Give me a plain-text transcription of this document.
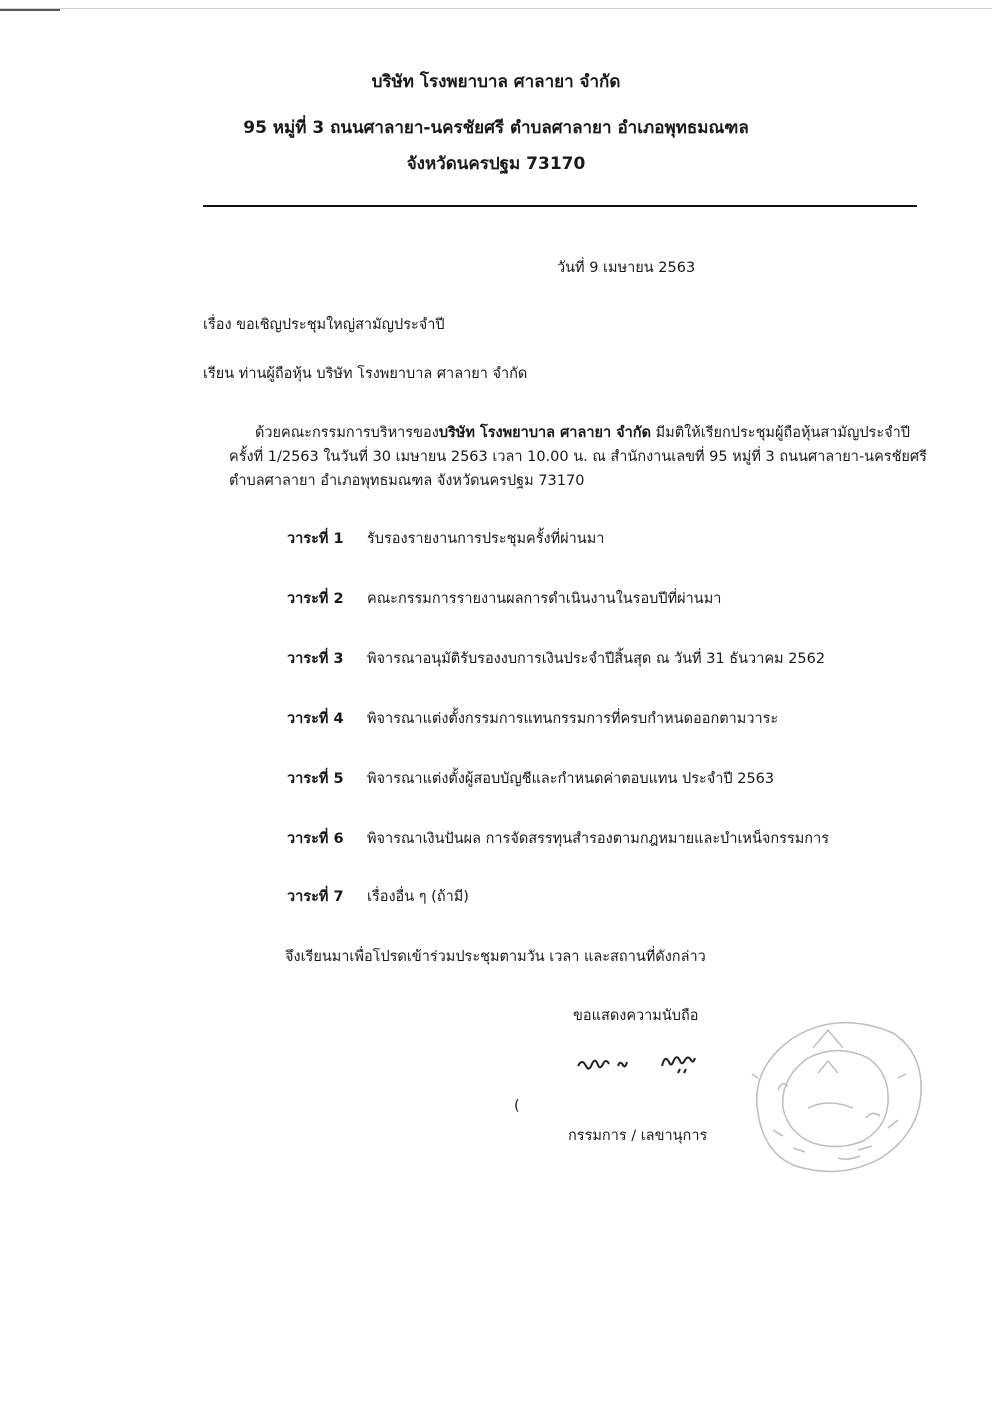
บริษัท โรงพยาบาล ศาลายา จำกัด
95 หมู่ที่ 3 ถนนศาลายา-นครชัยศรี ตำบลศาลายา อำเภอพุทธมณฑล
จังหวัดนครปฐม 73170
วันที่ 9 เมษายน 2563
เรื่อง ขอเชิญประชุมใหญ่สามัญประจำปี
เรียน ท่านผู้ถือหุ้น บริษัท โรงพยาบาล ศาลายา จำกัด
ด้วยคณะกรรมการบริหารของบริษัท โรงพยาบาล ศาลายา จำกัด มีมติให้เรียกประชุมผู้ถือหุ้นสามัญประจำปี ครั้งที่ 1/2563 ในวันที่ 30 เมษายน 2563 เวลา 10.00 น. ณ สำนักงานเลขที่ 95 หมู่ที่ 3 ถนนศาลายา-นครชัยศรี ตำบลศาลายา อำเภอพุทธมณฑล จังหวัดนครปฐม 73170
วาระที่ 1 รับรองรายงานการประชุมครั้งที่ผ่านมา
วาระที่ 2 คณะกรรมการรายงานผลการดำเนินงานในรอบปีที่ผ่านมา
วาระที่ 3 พิจารณาอนุมัติรับรองงบการเงินประจำปีสิ้นสุด ณ วันที่ 31 ธันวาคม 2562
วาระที่ 4 พิจารณาแต่งตั้งกรรมการแทนกรรมการที่ครบกำหนดออกตามวาระ
วาระที่ 5 พิจารณาแต่งตั้งผู้สอบบัญชีและกำหนดค่าตอบแทน ประจำปี 2563
วาระที่ 6 พิจารณาเงินปันผล การจัดสรรทุนสำรองตามกฎหมายและบำเหน็จกรรมการ
วาระที่ 7 เรื่องอื่น ๆ (ถ้ามี)
จึงเรียนมาเพื่อโปรดเข้าร่วมประชุมตามวัน เวลา และสถานที่ดังกล่าว
ขอแสดงความนับถือ
(
กรรมการ / เลขานุการ
